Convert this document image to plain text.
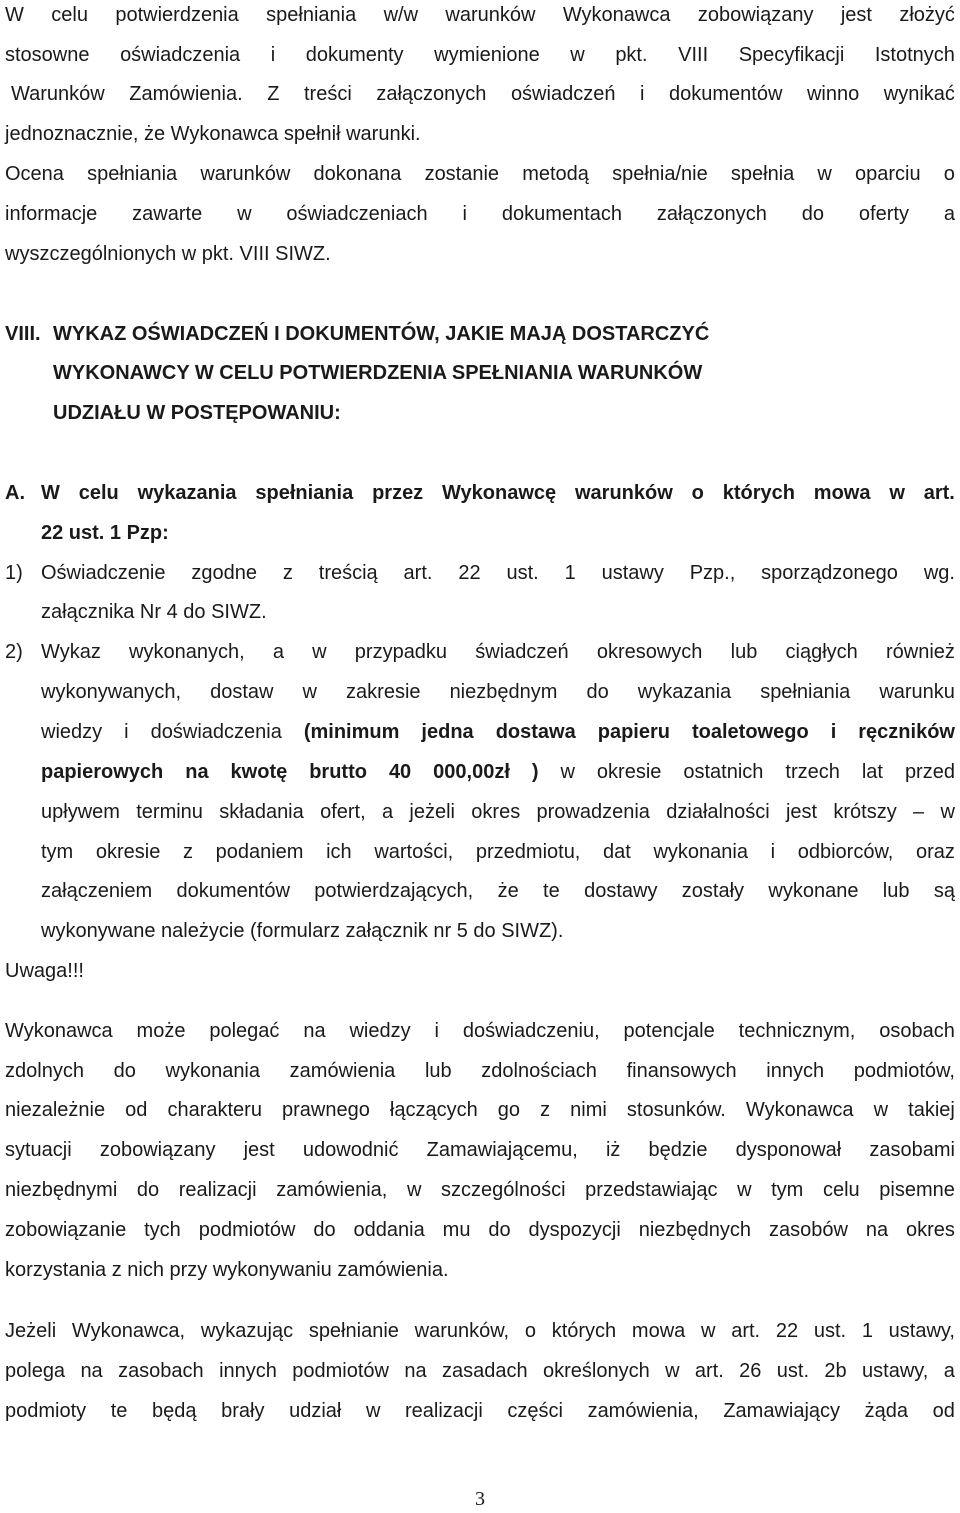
W celu potwierdzenia spełniania w/w warunków Wykonawca zobowiązany jest złożyć
stosowne oświadczenia i dokumenty wymienione w pkt. VIII Specyfikacji Istotnych
Warunków Zamówienia. Z treści załączonych oświadczeń i dokumentów winno wynikać
jednoznacznie, że Wykonawca spełnił warunki.
Ocena spełniania warunków dokonana zostanie metodą spełnia/nie spełnia w oparciu o
informacje zawarte w oświadczeniach i dokumentach załączonych do oferty a
wyszczególnionych w pkt. VIII SIWZ.
VIII. WYKAZ OŚWIADCZEŃ I DOKUMENTÓW, JAKIE MAJĄ DOSTARCZYĆ
WYKONAWCY W CELU POTWIERDZENIA SPEŁNIANIA WARUNKÓW
UDZIAŁU W POSTĘPOWANIU:
A. W celu wykazania spełniania przez Wykonawcę warunków o których mowa w art.
22 ust. 1 Pzp:
1) Oświadczenie zgodne z treścią art. 22 ust. 1 ustawy Pzp., sporządzonego wg.
załącznika Nr 4 do SIWZ.
2) Wykaz wykonanych, a w przypadku świadczeń okresowych lub ciągłych również
wykonywanych, dostaw w zakresie niezbędnym do wykazania spełniania warunku
wiedzy i doświadczenia (minimum jedna dostawa papieru toaletowego i ręczników
papierowych na kwotę brutto 40 000,00zł ) w okresie ostatnich trzech lat przed
upływem terminu składania ofert, a jeżeli okres prowadzenia działalności jest krótszy – w
tym okresie z podaniem ich wartości, przedmiotu, dat wykonania i odbiorców, oraz
załączeniem dokumentów potwierdzających, że te dostawy zostały wykonane lub są
wykonywane należycie (formularz załącznik nr 5 do SIWZ).
Uwaga!!!
Wykonawca może polegać na wiedzy i doświadczeniu, potencjale technicznym, osobach
zdolnych do wykonania zamówienia lub zdolnościach finansowych innych podmiotów,
niezależnie od charakteru prawnego łączących go z nimi stosunków. Wykonawca w takiej
sytuacji zobowiązany jest udowodnić Zamawiającemu, iż będzie dysponował zasobami
niezbędnymi do realizacji zamówienia, w szczególności przedstawiając w tym celu pisemne
zobowiązanie tych podmiotów do oddania mu do dyspozycji niezbędnych zasobów na okres
korzystania z nich przy wykonywaniu zamówienia.
Jeżeli Wykonawca, wykazując spełnianie warunków, o których mowa w art. 22 ust. 1 ustawy,
polega na zasobach innych podmiotów na zasadach określonych w art. 26 ust. 2b ustawy, a
podmioty te będą brały udział w realizacji części zamówienia, Zamawiający żąda od
3
